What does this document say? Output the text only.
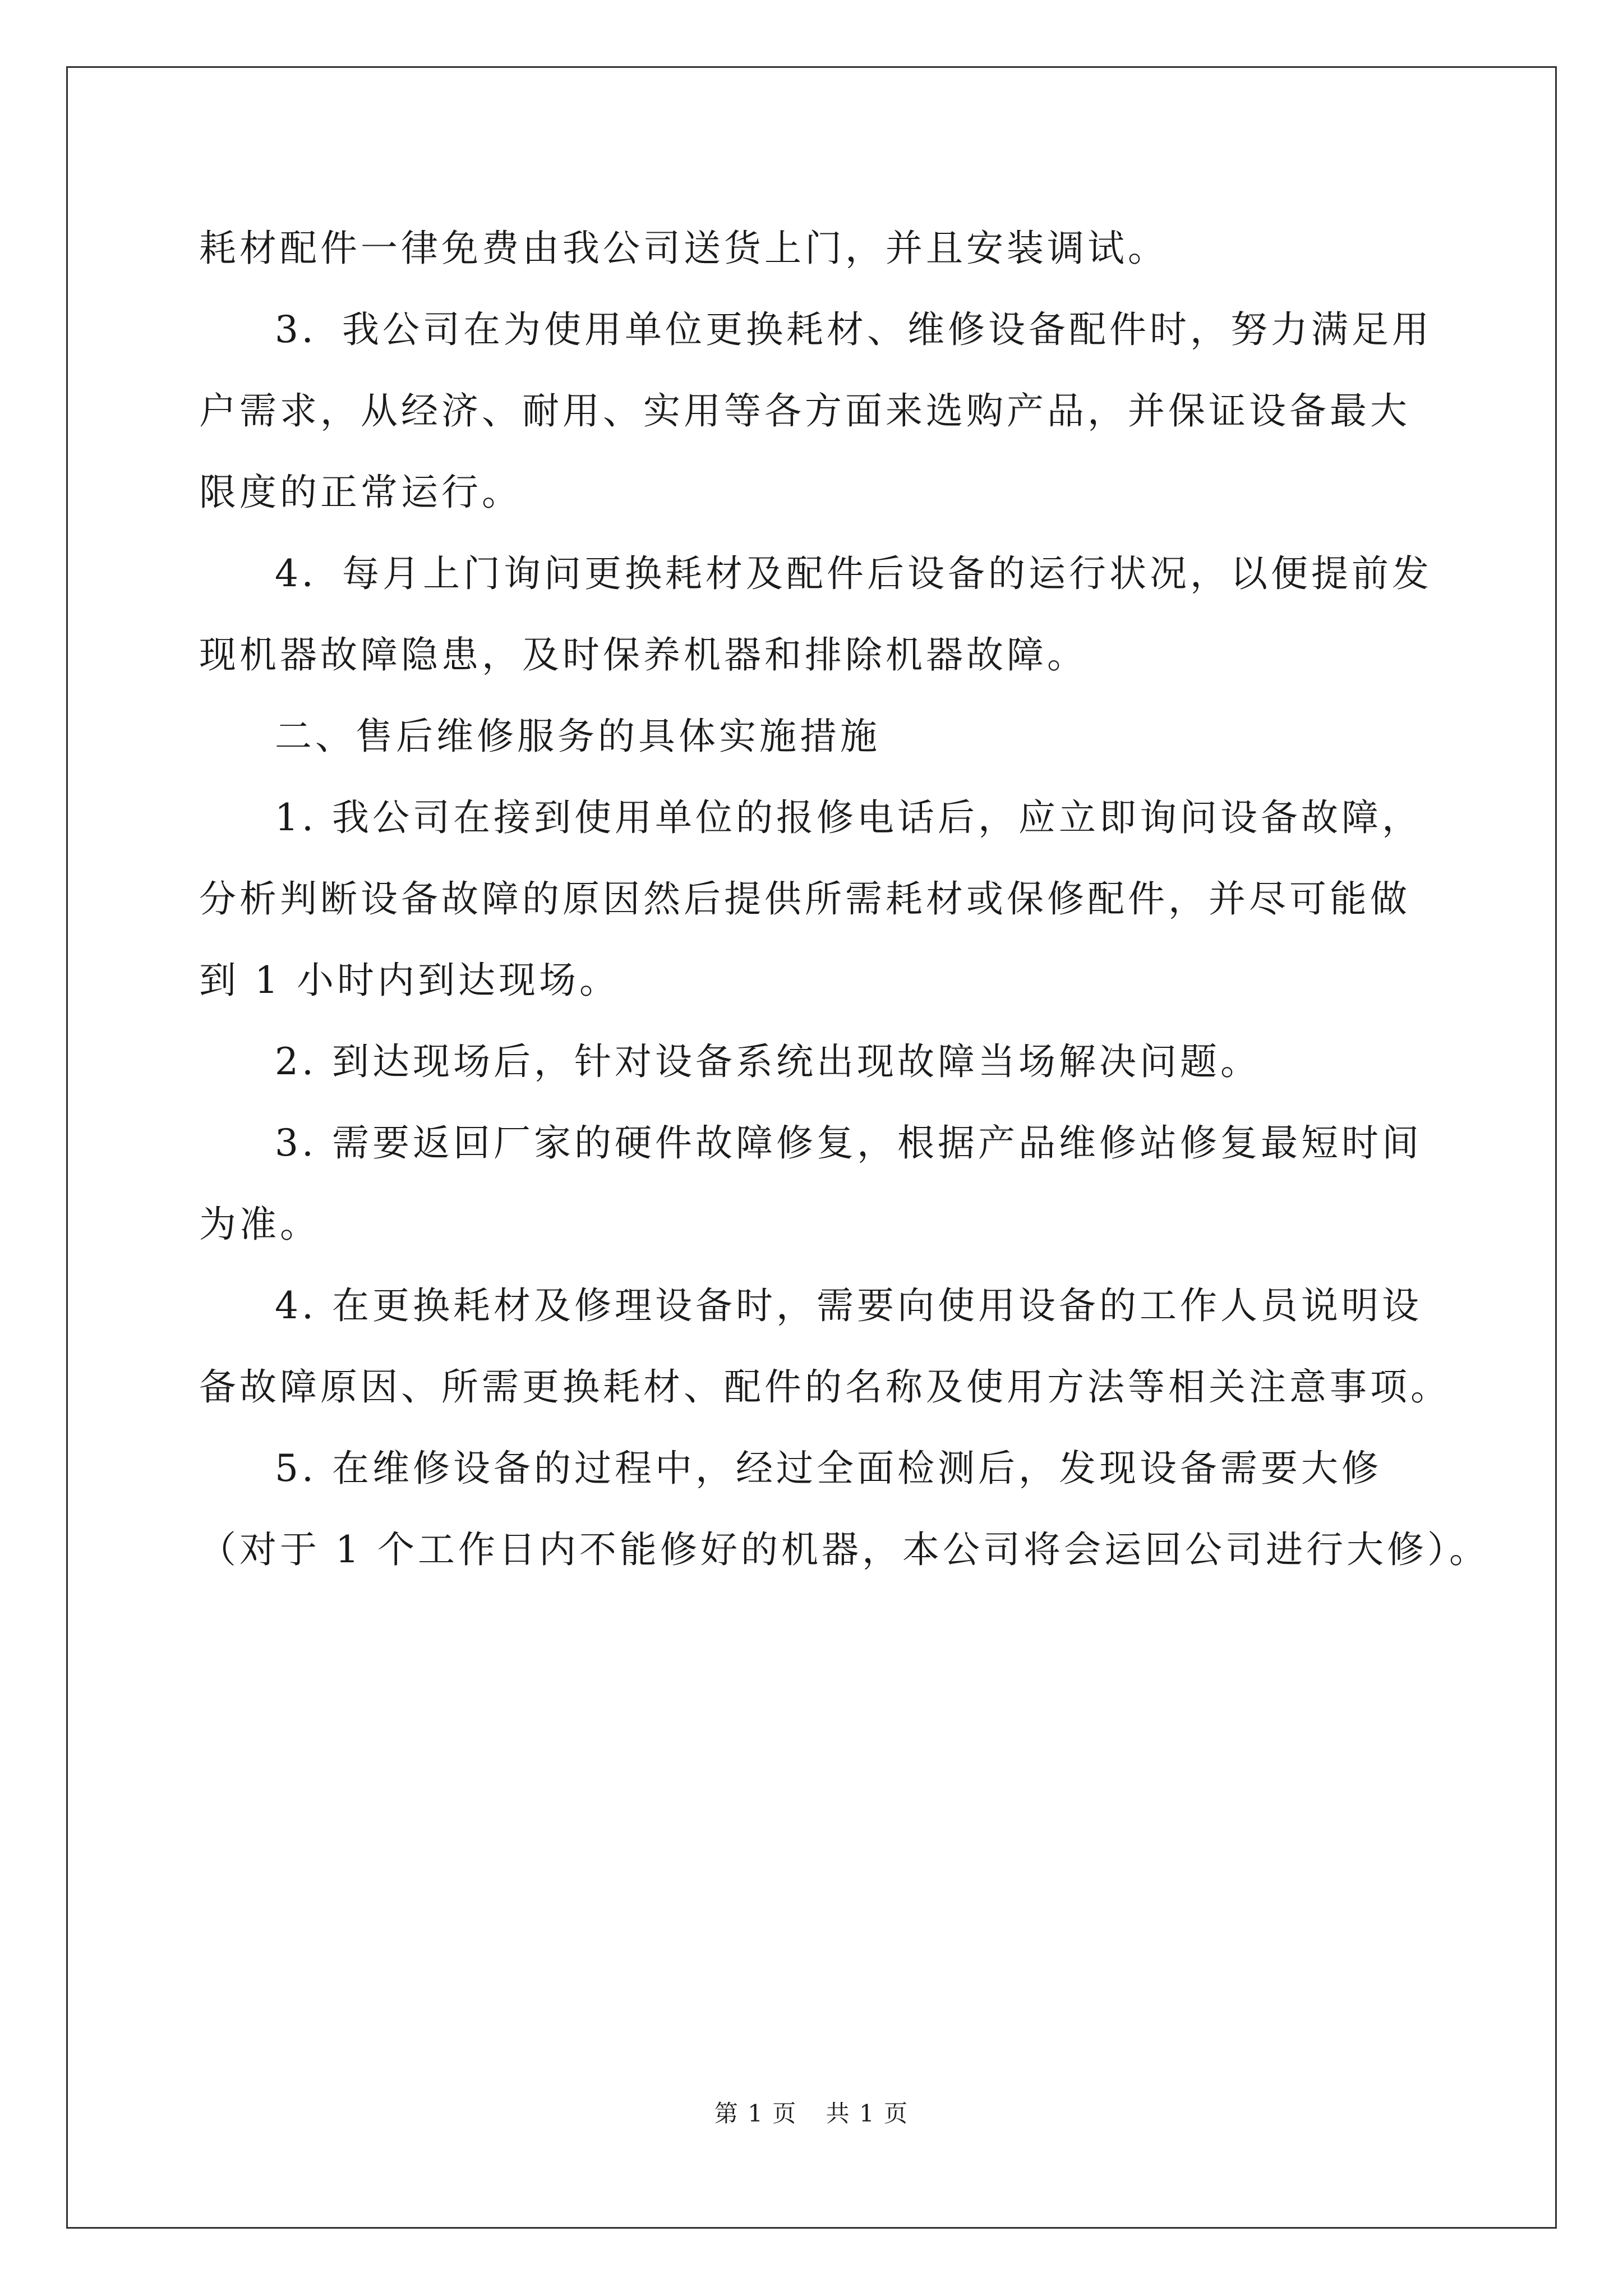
耗材配件一律免费由我公司送货上门，并且安装调试。
3．我公司在为使用单位更换耗材、维修设备配件时，努力满足用
户需求，从经济、耐用、实用等各方面来选购产品，并保证设备最大
限度的正常运行。
4．每月上门询问更换耗材及配件后设备的运行状况，以便提前发
现机器故障隐患，及时保养机器和排除机器故障。
二、售后维修服务的具体实施措施
1. 我公司在接到使用单位的报修电话后，应立即询问设备故障，
分析判断设备故障的原因然后提供所需耗材或保修配件，并尽可能做
到 1 小时内到达现场。
2. 到达现场后，针对设备系统出现故障当场解决问题。
3. 需要返回厂家的硬件故障修复，根据产品维修站修复最短时间
为准。
4. 在更换耗材及修理设备时，需要向使用设备的工作人员说明设
备故障原因、所需更换耗材、配件的名称及使用方法等相关注意事项。
5. 在维修设备的过程中，经过全面检测后，发现设备需要大修
（对于 1 个工作日内不能修好的机器，本公司将会运回公司进行大修）。
第 1 页 共 1 页
